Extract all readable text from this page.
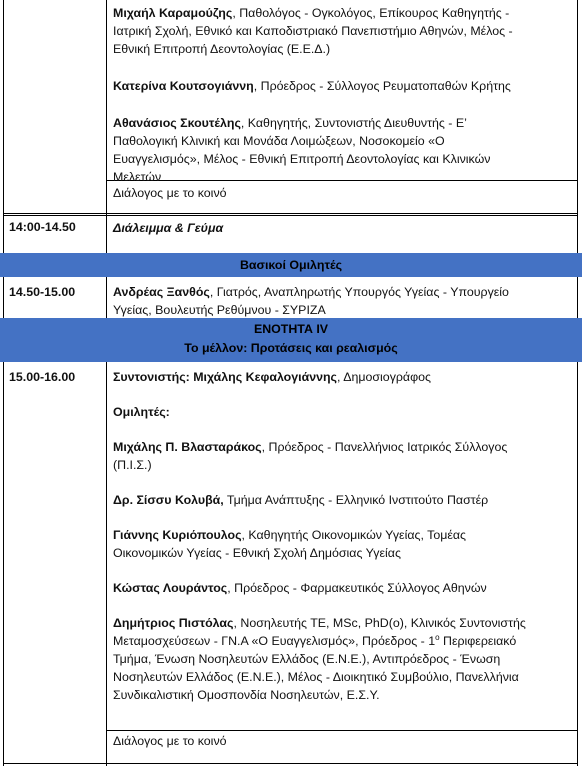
Μιχαήλ Καραμούζης, Παθολόγος - Ογκολόγος, Επίκουρος Καθηγητής -
Ιατρική Σχολή, Εθνικό και Καποδιστριακό Πανεπιστήμιο Αθηνών, Μέλος -
Εθνική Επιτροπή Δεοντολογίας (Ε.Ε.Δ.)

Κατερίνα Κουτσογιάννη, Πρόεδρος - Σύλλογος Ρευματοπαθών Κρήτης

Αθανάσιος Σκουτέλης, Καθηγητής, Συντονιστής Διευθυντής - Ε’
Παθολογική Κλινική και Μονάδα Λοιμώξεων, Νοσοκομείο «Ο
Ευαγγελισμός», Μέλος - Εθνική Επιτροπή Δεοντολογίας και Κλινικών
Μελετών

Διάλογος με το κοινό
14:00-14.50	Διάλειμμα & Γεύμα
Βασικοί Ομιλητές
14.50-15.00	Ανδρέας Ξανθός, Γιατρός, Αναπληρωτής Υπουργός Υγείας - Υπουργείο
Υγείας, Βουλευτής Ρεθύμνου - ΣΥΡΙΖΑ
ΕΝΟΤΗΤΑ IV
Το μέλλον: Προτάσεις και ρεαλισμός
15.00-16.00	Συντονιστής: Μιχάλης Κεφαλογιάννης, Δημοσιογράφος

Ομιλητές:

Μιχάλης Π. Βλασταράκος, Πρόεδρος - Πανελλήνιος Ιατρικός Σύλλογος
(Π.Ι.Σ.)

Δρ. Σίσσυ Κολυβά, Τμήμα Ανάπτυξης - Ελληνικό Ινστιτούτο Παστέρ

Γιάννης Κυριόπουλος, Καθηγητής Οικονομικών Υγείας, Τομέας
Οικονομικών Υγείας - Εθνική Σχολή Δημόσιας Υγείας

Κώστας Λουράντος, Πρόεδρος - Φαρμακευτικός Σύλλογος Αθηνών

Δημήτριος Πιστόλας, Νοσηλευτής ΤΕ, MSc, PhD(o), Κλινικός Συντονιστής
Μεταμοσχεύσεων - ΓΝ.Α «Ο Ευαγγελισμός», Πρόεδρος - $1^o$ Περιφερειακό
Τμήμα, Ένωση Νοσηλευτών Ελλάδος (Ε.Ν.Ε.), Αντιπρόεδρος - Ένωση
Νοσηλευτών Ελλάδος (Ε.Ν.Ε.), Μέλος - Διοικητικό Συμβούλιο, Πανελλήνια
Συνδικαλιστική Ομοσπονδία Νοσηλευτών, Ε.Σ.Υ.

Διάλογος με το κοινό
